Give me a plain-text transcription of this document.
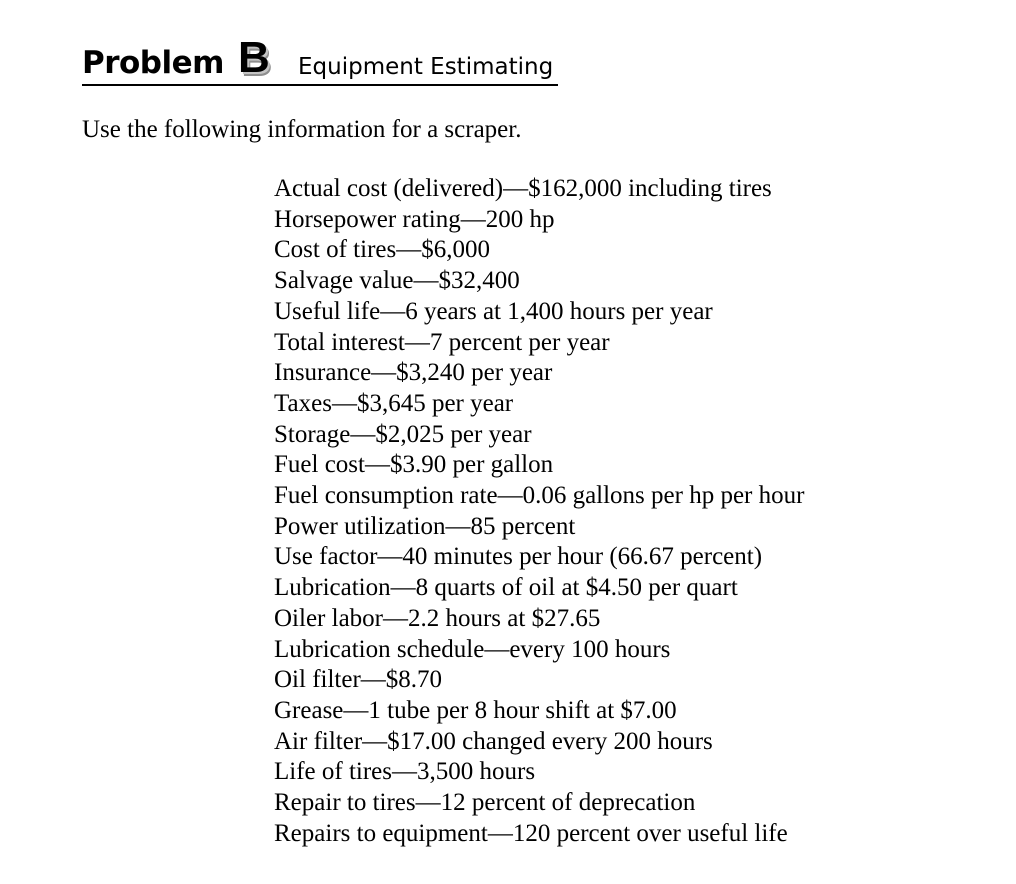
Problem B Equipment Estimating
Use the following information for a scraper.
Actual cost (delivered)—$162,000 including tires
Horsepower rating—200 hp
Cost of tires—$6,000
Salvage value—$32,400
Useful life—6 years at 1,400 hours per year
Total interest—7 percent per year
Insurance—$3,240 per year
Taxes—$3,645 per year
Storage—$2,025 per year
Fuel cost—$3.90 per gallon
Fuel consumption rate—0.06 gallons per hp per hour
Power utilization—85 percent
Use factor—40 minutes per hour (66.67 percent)
Lubrication—8 quarts of oil at $4.50 per quart
Oiler labor—2.2 hours at $27.65
Lubrication schedule—every 100 hours
Oil filter—$8.70
Grease—1 tube per 8 hour shift at $7.00
Air filter—$17.00 changed every 200 hours
Life of tires—3,500 hours
Repair to tires—12 percent of deprecation
Repairs to equipment—120 percent over useful life
